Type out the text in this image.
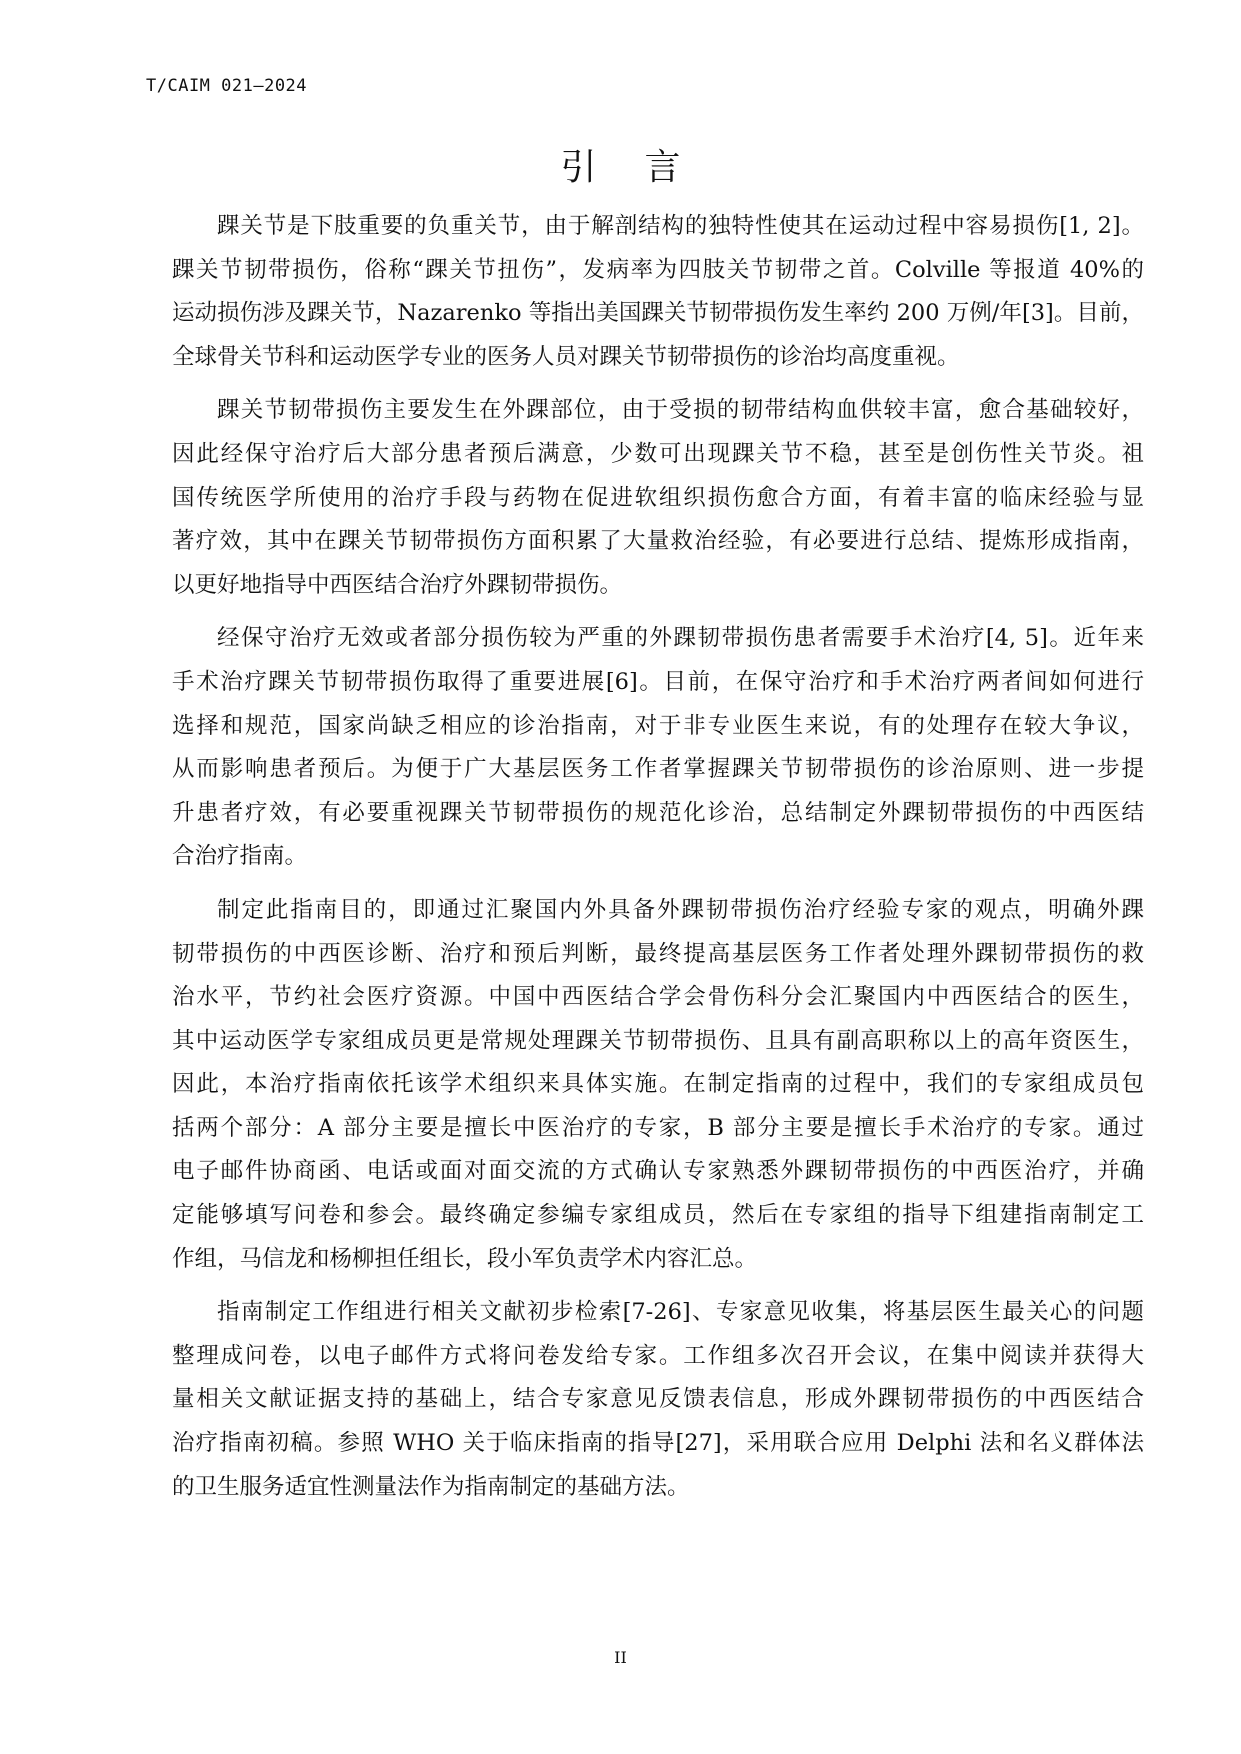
T/CAIM 021—2024
引言
踝关节是下肢重要的负重关节，由于解剖结构的独特性使其在运动过程中容易损伤[1, 2]。
踝关节韧带损伤，俗称“踝关节扭伤”，发病率为四肢关节韧带之首。Colville 等报道 40%的
运动损伤涉及踝关节，Nazarenko 等指出美国踝关节韧带损伤发生率约 200 万例/年[3]。目前，
全球骨关节科和运动医学专业的医务人员对踝关节韧带损伤的诊治均高度重视。
踝关节韧带损伤主要发生在外踝部位，由于受损的韧带结构血供较丰富，愈合基础较好，
因此经保守治疗后大部分患者预后满意，少数可出现踝关节不稳，甚至是创伤性关节炎。祖
国传统医学所使用的治疗手段与药物在促进软组织损伤愈合方面，有着丰富的临床经验与显
著疗效，其中在踝关节韧带损伤方面积累了大量救治经验，有必要进行总结、提炼形成指南，
以更好地指导中西医结合治疗外踝韧带损伤。
经保守治疗无效或者部分损伤较为严重的外踝韧带损伤患者需要手术治疗[4, 5]。近年来
手术治疗踝关节韧带损伤取得了重要进展[6]。目前，在保守治疗和手术治疗两者间如何进行
选择和规范，国家尚缺乏相应的诊治指南，对于非专业医生来说，有的处理存在较大争议，
从而影响患者预后。为便于广大基层医务工作者掌握踝关节韧带损伤的诊治原则、进一步提
升患者疗效，有必要重视踝关节韧带损伤的规范化诊治，总结制定外踝韧带损伤的中西医结
合治疗指南。
制定此指南目的，即通过汇聚国内外具备外踝韧带损伤治疗经验专家的观点，明确外踝
韧带损伤的中西医诊断、治疗和预后判断，最终提高基层医务工作者处理外踝韧带损伤的救
治水平，节约社会医疗资源。中国中西医结合学会骨伤科分会汇聚国内中西医结合的医生，
其中运动医学专家组成员更是常规处理踝关节韧带损伤、且具有副高职称以上的高年资医生，
因此，本治疗指南依托该学术组织来具体实施。在制定指南的过程中，我们的专家组成员包
括两个部分：A 部分主要是擅长中医治疗的专家，B 部分主要是擅长手术治疗的专家。通过
电子邮件协商函、电话或面对面交流的方式确认专家熟悉外踝韧带损伤的中西医治疗，并确
定能够填写问卷和参会。最终确定参编专家组成员，然后在专家组的指导下组建指南制定工
作组，马信龙和杨柳担任组长，段小军负责学术内容汇总。
指南制定工作组进行相关文献初步检索[7-26]、专家意见收集，将基层医生最关心的问题
整理成问卷，以电子邮件方式将问卷发给专家。工作组多次召开会议，在集中阅读并获得大
量相关文献证据支持的基础上，结合专家意见反馈表信息，形成外踝韧带损伤的中西医结合
治疗指南初稿。参照 WHO 关于临床指南的指导[27]，采用联合应用 Delphi 法和名义群体法
的卫生服务适宜性测量法作为指南制定的基础方法。
II
